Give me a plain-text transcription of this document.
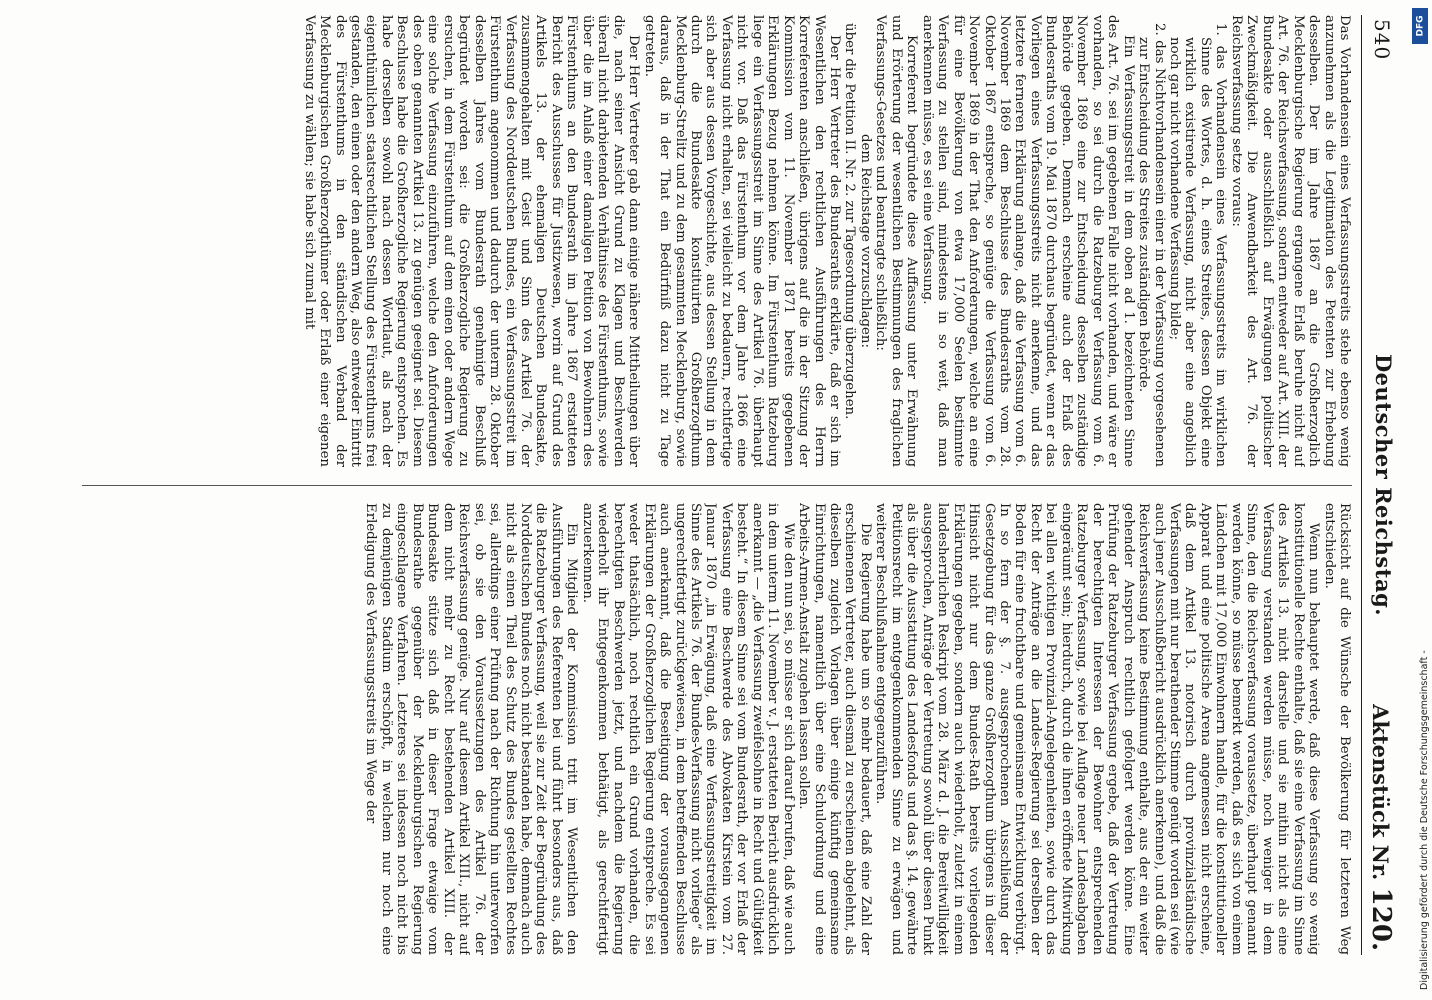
540
Deutscher Reichstag.
Aktenstück Nr. 120.

Das Vorhandensein eines Verfassungsstreits stehe ebenso wenig anzunehmen als die Legitimation des Petenten zur Erhebung desselben. Der im Jahre 1867 an die Großherzoglich Mecklenburgische Regierung ergangene Erlaß beruhe nicht auf Art. 76. der Reichsverfassung, sondern entweder auf Art. XIII. der Bundesakte oder ausschließlich auf Erwägungen politischer Zweckmäßigkeit. Die Anwendbarkeit des Art. 76. der Reichsverfassung setze voraus:

1. das Vorhandensein eines Verfassungsstreits im wirklichen Sinne des Wortes, d. h. eines Streites, dessen Objekt eine wirklich existirende Verfassung, nicht aber eine angeblich noch gar nicht vorhandene Verfassung bilde;

2. das Nichtvorhandensein einer in der Verfassung vorgesehenen zur Entscheidung des Streites zuständigen Behörde.

Ein Verfassungsstreit in dem oben ad 1. bezeichneten Sinne des Art. 76. sei im gegebenen Falle nicht vorhanden, und wäre er vorhanden, so sei durch die Ratzeburger Verfassung vom 6. November 1869 eine zur Entscheidung desselben zuständige Behörde gegeben. Demnach erscheine auch der Erlaß des Bundesraths vom 19. Mai 1870 durchaus begründet, wenn er das Vorliegen eines Verfassungsstreits nicht anerkenne, und das letztere ferneren Erklärung anlange, daß die Verfassung vom 6. November 1869 dem Beschlusse des Bundesraths vom 28. Oktober 1867 entspreche, so genüge die Verfassung vom 6. November 1869 in der That den Anforderungen, welche an eine für eine Bevölkerung von etwa 17,000 Seelen bestimmte Verfassung zu stellen sind, mindestens in so weit, daß man anerkennen müsse, es sei eine Verfassung.

Korreferent begründete diese Auffassung unter Erwähnung und Erörterung der wesentlichen Bestimmungen des fraglichen Verfassungs-Gesetzes und beantragte schließlich:

dem Reichstage vorzuschlagen:

über die Petition II. Nr. 2. zur Tagesordnung überzugehen.

Der Herr Vertreter des Bundesraths erklärte, daß er sich im Wesentlichen den rechtlichen Ausführungen des Herrn Korreferenten anschließen, übrigens auf die in der Sitzung der Kommission vom 11. November 1871 bereits gegebenen Erklärungen Bezug nehmen könne. Im Fürstenthum Ratzeburg liege ein Verfassungsstreit im Sinne des Artikel 76. überhaupt nicht vor. Daß das Fürstenthum vor dem Jahre 1866 eine Verfassung nicht erhalten, sei vielleicht zu bedauern, rechtfertige sich aber aus dessen Vorgeschichte, aus dessen Stellung in dem durch die Bundesakte konstituirten Großherzogthum Mecklenburg-Strelitz und zu dem gesammten Mecklenburg, sowie daraus, daß in der That ein Bedürfniß dazu nicht zu Tage getreten.

Der Herr Vertreter gab dann einige nähere Mittheilungen über die, nach seiner Ansicht Grund zu Klagen und Beschwerden überall nicht darbietenden Verhältnisse des Fürstenthums, sowie über die im Anlaß einer damaligen Petition von Bewohnern des Fürstenthums an den Bundesrath im Jahre 1867 erstatteten Bericht des Ausschusses für Justizwesen, worin auf Grund des Artikels 13. der ehemaligen Deutschen Bundesakte, zusammengehalten mit Geist und Sinn des Artikel 76. der Verfassung des Norddeutschen Bundes, ein Verfassungsstreit im Fürstenthum angenommen und dadurch der unterm 28. Oktober desselben Jahres vom Bundesrath genehmigte Beschluß begründet worden sei: die Großherzogliche Regierung zu ersuchen, in dem Fürstenthum auf dem einen oder andern Wege eine solche Verfassung einzuführen, welche den Anforderungen des oben genannten Artikel 13. zu genügen geeignet sei. Diesem Beschlusse habe die Großherzogliche Regierung entsprochen. Es habe derselben sowohl nach dessen Wortlaut, als nach der eigenthümlichen staatsrechtlichen Stellung des Fürstenthums frei gestanden, den einen oder den andern Weg, also entweder Eintritt des Fürstenthums in den ständischen Verband der Mecklenburgischen Großherzogthümer oder Erlaß einer eigenen Verfassung zu wählen; sie habe sich zumal mit

Rücksicht auf die Wünsche der Bevölkerung für letzteren Weg entschieden.

Wenn nun behauptet werde, daß diese Verfassung so wenig konstitutionelle Rechte enthalte, daß sie eine Verfassung im Sinne des Artikels 13. nicht darstelle und sie mithin nicht als eine Verfassung verstanden werden müsse, noch weniger in dem Sinne, den die Reichsverfassung voraussetze, überhaupt genannt werden könne, so müsse bemerkt werden, daß es sich von einem Ländchen mit 17,000 Einwohnern handle, für die konstitutioneller Apparat und eine politische Arena angemessen nicht erscheine, daß dem Artikel 13. notorisch durch provinzialständische Verfassungen mit nur berathender Stimme genügt worden sei (wie auch jener Ausschußbericht ausdrücklich anerkenne), und daß die Reichsverfassung keine Bestimmung enthalte, aus der ein weiter gehender Anspruch rechtlich gefolgert werden könne. Eine Prüfung der Ratzeburger Verfassung ergebe, daß der Vertretung der berechtigten Interessen der Bewohner entsprechenden Ratzeburger Verfassung, sowie bei Auflage neuer Landesabgaben eingeräumt sein; hierdurch, durch die ihnen eröffnete Mitwirkung bei allen wichtigen Provinzial-Angelegenheiten, sowie durch das Recht der Anträge an die Landes-Regierung sei derselben der Boden für eine fruchtbare und gemeinsame Entwicklung verbürgt. In so fern der §. 7. ausgesprochenen Ausschließung der Gesetzgebung für das ganze Großherzogthum übrigens in dieser Hinsicht nicht nur dem Bundes-Rath bereits vorliegenden Erklärungen gegeben, sondern auch wiederholt, zuletzt in einem landesherrlichen Reskript vom 28. März d. J. die Bereitwilligkeit ausgesprochen, Anträge der Vertretung sowohl über diesen Punkt als über die Ausstattung des Landesfonds und das §. 14. gewährte Petitionsrecht im entgegenkommenden Sinne zu erwägen und weiterer Beschlußnahme entgegenzuführen.

Die Regierung habe um so mehr bedauert, daß eine Zahl der erschienenen Vertreter, auch diesmal zu erscheinen abgelehnt, als dieselben zugleich Vorlagen über einige künftig gemeinsame Einrichtungen, namentlich über eine Schulordnung und eine Arbeits-Armen-Anstalt zugehen lassen sollen.

Wie den nun sei, so müsse er sich darauf berufen, daß wie auch in dem unterm 11. November v. J. erstatteten Bericht ausdrücklich anerkannt — „die Verfassung zweifelsohne in Recht und Gültigkeit besteht.“ In diesem Sinne sei vom Bundesrath, der vor Erlaß der Verfassung eine Beschwerde des Abvokaten Kirstein vom 27. Januar 1870 „in Erwägung, daß eine Verfassungsstreitigkeit im Sinne des Artikels 76. der Bundes-Verfassung nicht vorliege“ als ungerechtfertigt zurückgewiesen, in dem betreffenden Beschlusse auch anerkannt, daß die Beseitigung der vorausgegangenen Erklärungen der Großherzoglichen Regierung entspreche. Es sei weder thatsächlich, noch rechtlich ein Grund vorhanden, die berechtigten Beschwerden jetzt, und nachdem die Regierung wiederholt ihr Entgegenkommen bethätigt, als gerechtfertigt anzuerkennen.

Ein Mitglied der Kommission tritt im Wesentlichen den Ausführungen des Referenten bei und führt besonders aus, daß die Ratzeburger Verfassung, weil sie zur Zeit der Begründung des Norddeutschen Bundes noch nicht bestanden habe, demnach auch nicht als einen Theil des Schutz des Bundes gestellten Rechtes sei, allerdings einer Prüfung nach der Richtung hin unterworfen sei, ob sie den Voraussetzungen des Artikel 76. der Reichsverfassung genüge. Nur auf diesem Artikel XIII., nicht auf dem nicht mehr zu Recht bestehenden Artikel XIII. der Bundesakte stütze sich daß in dieser Frage etwaige vom Bundesrathe gegenüber der Mecklenburgischen Regierung eingeschlagene Verfahren. Letzteres sei indessen noch nicht bis zu demjenigen Stadium erschöpft, in welchem nur noch eine Erledigung des Verfassungsstreits im Wege der	Digitalisierung gefördert durch die Deutsche Forschungsgemeinschaft -
DFG
